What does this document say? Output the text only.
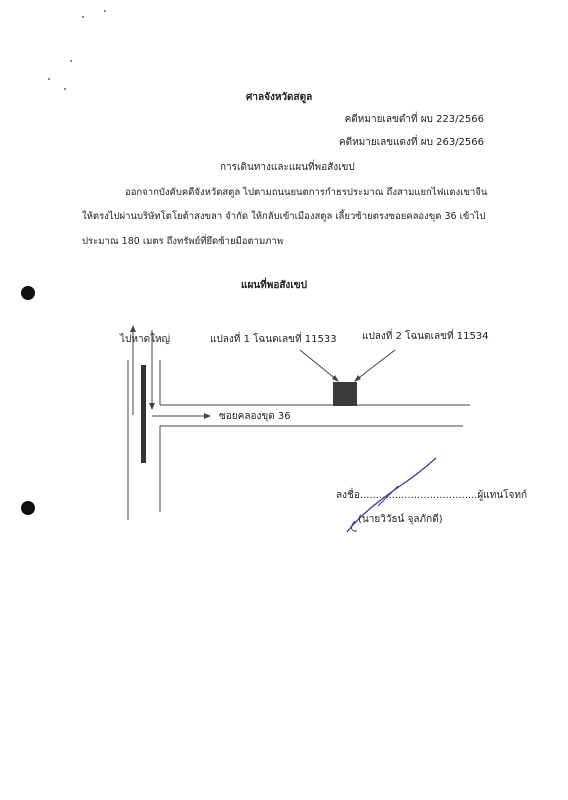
ศาลจังหวัดสตูล
คดีหมายเลขดำที่ ผบ 223/2566
คดีหมายเลขแดงที่ ผบ 263/2566
การเดินทางและแผนที่พอสังเขป
ออกจากบังคับคดีจังหวัดสตูล ไปตามถนนยนตการกำธรประมาณ ถึงสามแยกไฟแดงเขาจีน
ให้ตรงไปผ่านบริษัทโตโยต้าสงขลา จำกัด ให้กลับเข้าเมืองสตูล เลี้ยวซ้ายตรงซอยคลองขุด 36 เข้าไป
ประมาณ 180 เมตร ถึงทรัพย์ที่ยึดซ้ายมือตามภาพ
แผนที่พอสังเขป
ไปหาดใหญ่	แปลงที่ 1 โฉนดเลขที่ 11533	แปลงที่ 2 โฉนดเลขที่ 11534
ซอยคลองขุด 36
ลงชื่อ.....................................ผู้แทนโจทก์
(นายวิวัธน์ จุลภักดี)
